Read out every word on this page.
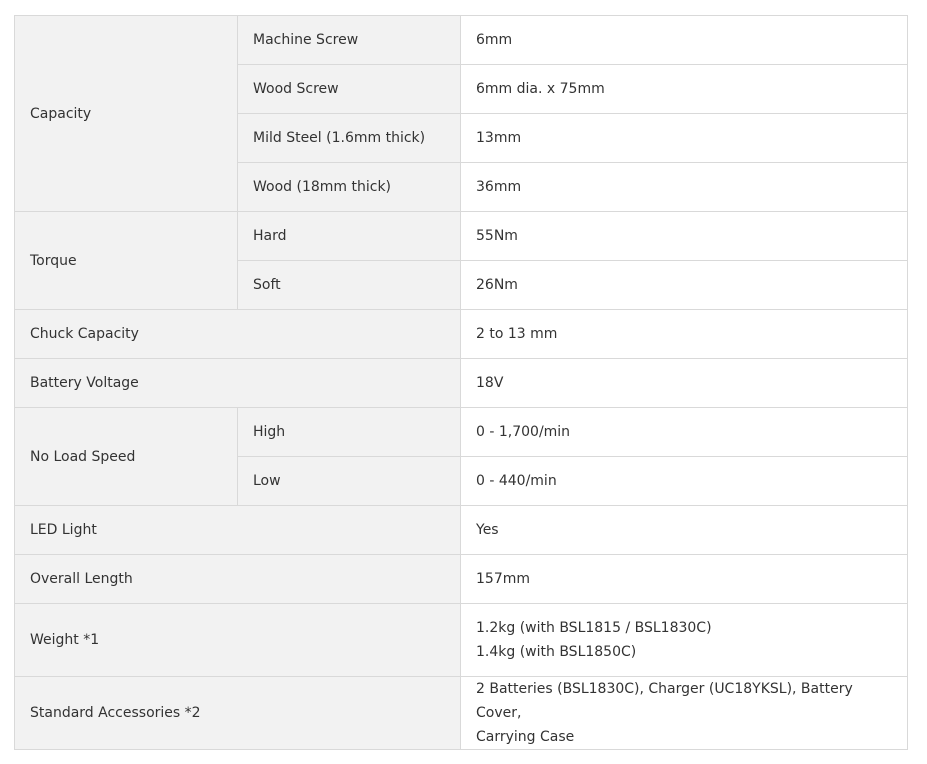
Capacity	Machine Screw	6mm
	Wood Screw	6mm dia. x 75mm
	Mild Steel (1.6mm thick)	13mm
	Wood (18mm thick)	36mm
Torque	Hard	55Nm
	Soft	26Nm
Chuck Capacity		2 to 13 mm
Battery Voltage		18V
No Load Speed	High	0 - 1,700/min
	Low	0 - 440/min
LED Light		Yes
Overall Length		157mm
Weight *1		1.2kg (with BSL1815 / BSL1830C)
1.4kg (with BSL1850C)

Standard Accessories *2		2 Batteries (BSL1830C), Charger (UC18YKSL), Battery Cover,
Carrying Case
